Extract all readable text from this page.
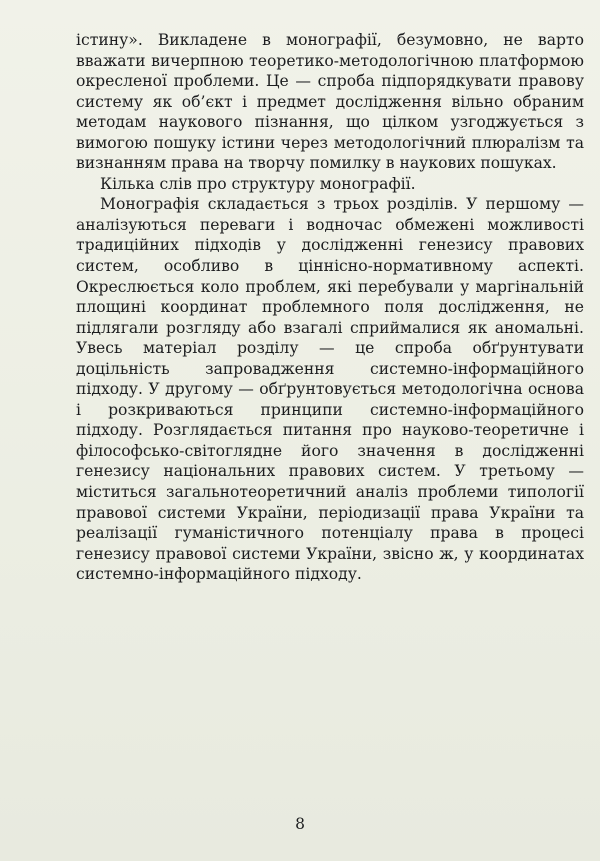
істину». Викладене в монографії, безумовно, не варто вважати вичерпною теоретико-методологічною платформою окресленої проблеми. Це — спроба підпорядкувати правову систему як об’єкт і предмет дослідження вільно обраним методам наукового пізнання, що цілком узгоджується з вимогою пошуку істини через методологічний плюралізм та визнанням права на творчу помилку в наукових пошуках.

Кілька слів про структуру монографії.

Монографія складається з трьох розділів. У першому — аналізуються переваги і водночас обмежені можливості традиційних підходів у дослідженні генезису правових систем, особливо в ціннісно-нормативному аспекті. Окреслюється коло проблем, які перебували у маргінальній площині координат проблемного поля дослідження, не підлягали розгляду або взагалі сприймалися як аномальні. Увесь матеріал розділу — це спроба обґрунтувати доцільність запровадження системно-інформаційного підходу. У другому — обґрунтовується методологічна основа і розкриваються принципи системно-інформаційного підходу. Розглядається питання про науково-теоретичне і філософсько-світоглядне його значення в дослідженні генезису національних правових систем. У третьому — міститься загальнотеоретичний аналіз проблеми типології правової системи України, періодизації права України та реалізації гуманістичного потенціалу права в процесі генезису правової системи України, звісно ж, у координатах системно-інформаційного підходу.

8
